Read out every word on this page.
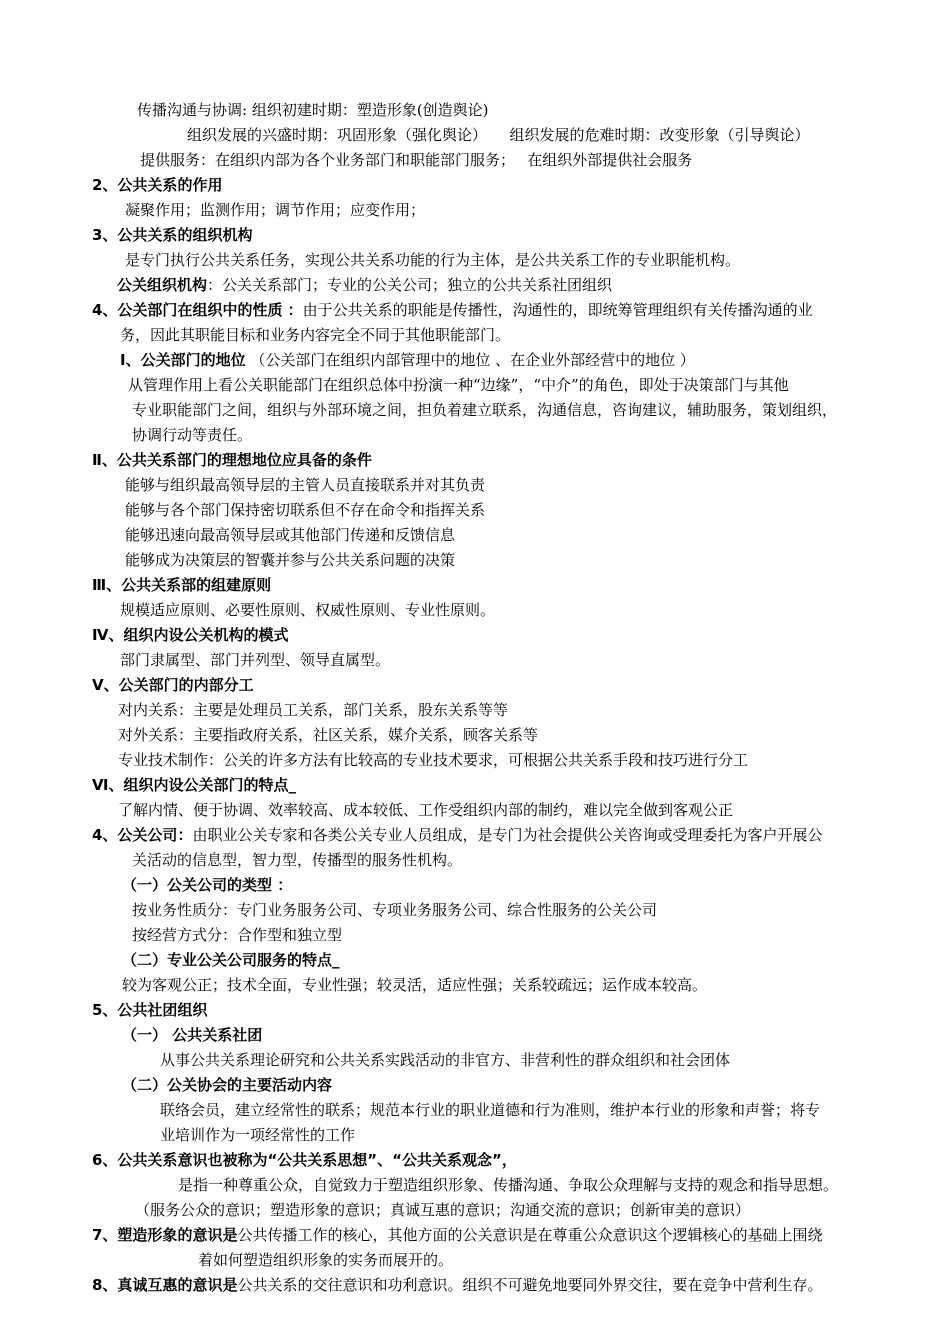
传播沟通与协调: 组织初建时期：塑造形象(创造舆论)
组织发展的兴盛时期：巩固形象（强化舆论）　　组织发展的危难时期：改变形象（引导舆论）
提供服务：在组织内部为各个业务部门和职能部门服务；　 在组织外部提供社会服务
2、公共关系的作用
凝聚作用；监测作用；调节作用；应变作用；
3、公共关系的组织机构
是专门执行公共关系任务，实现公共关系功能的行为主体，是公共关系工作的专业职能机构。
公关组织机构：公关关系部门；专业的公关公司；独立的公共关系社团组织
4、公关部门在组织中的性质 ：由于公共关系的职能是传播性，沟通性的，即统筹管理组织有关传播沟通的业
务，因此其职能目标和业务内容完全不同于其他职能部门。
Ⅰ、公关部门的地位 （公关部门在组织内部管理中的地位 、在企业外部经营中的地位 ）
从管理作用上看公关职能部门在组织总体中扮演一种“边缘”，“中介”的角色，即处于决策部门与其他
专业职能部门之间，组织与外部环境之间，担负着建立联系，沟通信息，咨询建议，辅助服务，策划组织，
协调行动等责任。
Ⅱ、公共关系部门的理想地位应具备的条件
能够与组织最高领导层的主管人员直接联系并对其负责
能够与各个部门保持密切联系但不存在命令和指挥关系
能够迅速向最高领导层或其他部门传递和反馈信息
能够成为决策层的智囊并参与公共关系问题的决策
Ⅲ、公共关系部的组建原则
规模适应原则、必要性原则、权威性原则、专业性原则。
Ⅳ、组织内设公关机构的模式
部门隶属型、部门并列型、领导直属型。
Ⅴ、公关部门的内部分工
对内关系：主要是处理员工关系，部门关系，股东关系等等
对外关系：主要指政府关系，社区关系，媒介关系，顾客关系等
专业技术制作：公关的许多方法有比较高的专业技术要求，可根据公共关系手段和技巧进行分工
Ⅵ、组织内设公关部门的特点_
了解内情、便于协调、效率较高、成本较低、工作受组织内部的制约，难以完全做到客观公正
4、公关公司：由职业公关专家和各类公关专业人员组成，是专门为社会提供公关咨询或受理委托为客户开展公
关活动的信息型，智力型，传播型的服务性机构。
（一）公关公司的类型 ：
按业务性质分：专门业务服务公司、专项业务服务公司、综合性服务的公关公司
按经营方式分：合作型和独立型
（二）专业公关公司服务的特点_
较为客观公正；技术全面，专业性强；较灵活，适应性强；关系较疏远；运作成本较高。
5、公共社团组织
（一） 公共关系社团
从事公共关系理论研究和公共关系实践活动的非官方、非营利性的群众组织和社会团体
（二）公关协会的主要活动内容
联络会员，建立经常性的联系；规范本行业的职业道德和行为准则，维护本行业的形象和声誉；将专
业培训作为一项经常性的工作
6、公共关系意识也被称为“公共关系思想”、“公共关系观念”，
是指一种尊重公众，自觉致力于塑造组织形象、传播沟通、争取公众理解与支持的观念和指导思想。
（服务公众的意识；塑造形象的意识；真诚互惠的意识；沟通交流的意识；创新审美的意识）
7、塑造形象的意识是公共传播工作的核心，其他方面的公关意识是在尊重公众意识这个逻辑核心的基础上围绕
着如何塑造组织形象的实务而展开的。
8、真诚互惠的意识是公共关系的交往意识和功利意识。组织不可避免地要同外界交往，要在竞争中营利生存。
